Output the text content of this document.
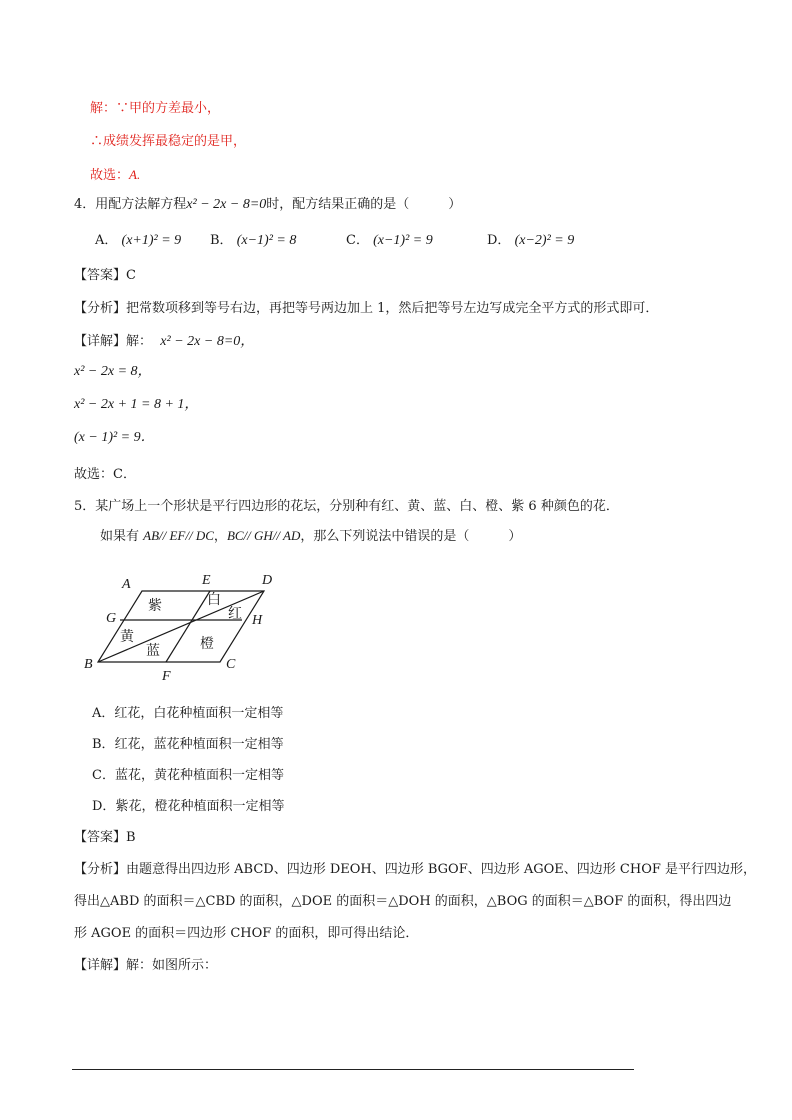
解：∵甲的方差最小，
∴成绩发挥最稳定的是甲，
故选：A.
4．用配方法解方程x² − 2x − 8=0时，配方结果正确的是（　　　）
A． (x+1)² = 9 B． (x−1)² = 8	C． (x−1)² = 9	D． (x−2)² = 9
【答案】C
【分析】把常数项移到等号右边，再把等号两边加上 1，然后把等号左边写成完全平方式的形式即可．
【详解】解： x² − 2x − 8=0，
x² − 2x = 8，
x² − 2x + 1 = 8 + 1，
(x − 1)² = 9．
故选：C．
5．某广场上一个形状是平行四边形的花坛，分别种有红、黄、蓝、白、橙、紫 6 种颜色的花．
如果有 AB// EF// DC，BC// GH// AD，那么下列说法中错误的是（　　　）
A	E	D
G	H
B
F
C
紫	白
红
黄
蓝	橙
A．红花，白花种植面积一定相等
B．红花，蓝花种植面积一定相等
C．蓝花，黄花种植面积一定相等
D．紫花，橙花种植面积一定相等
【答案】B
【分析】由题意得出四边形 ABCD、四边形 DEOH、四边形 BGOF、四边形 AGOE、四边形 CHOF 是平行四边形，
得出△ABD 的面积＝△CBD 的面积，△DOE 的面积＝△DOH 的面积，△BOG 的面积＝△BOF 的面积，得出四边
形 AGOE 的面积＝四边形 CHOF 的面积，即可得出结论．
【详解】解：如图所示：
